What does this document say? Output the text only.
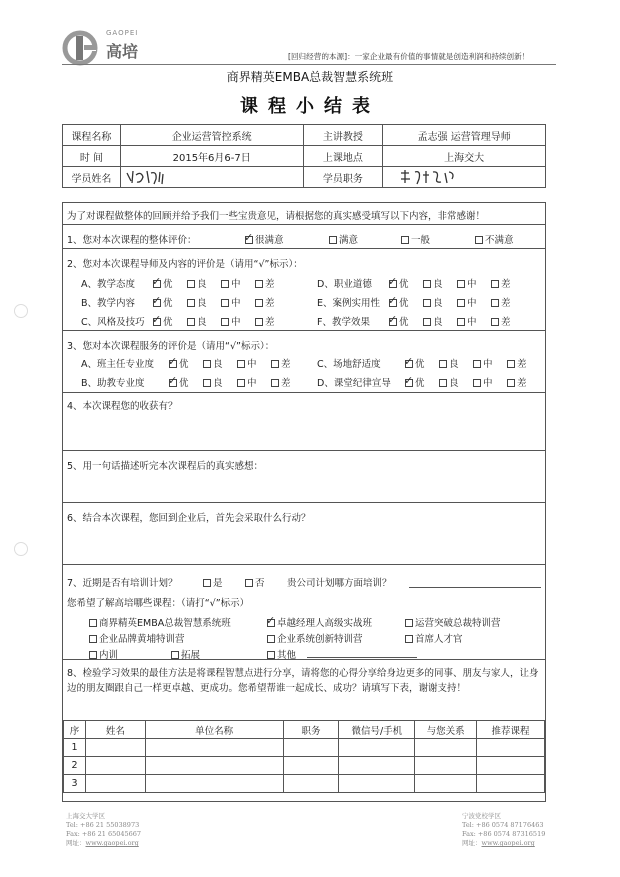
GAOPEI
高培	[回归经营的本源]：一家企业最有价值的事情就是创造利润和持续创新！
商界精英EMBA总裁智慧系统班
课程小结表
课程名称	企业运营管控系统	主讲教授	孟志强 运营管理导师
时 间	2015年6月6-7日	上课地点	上海交大
学员姓名		学员职务	
为了对课程做整体的回顾并给予我们一些宝贵意见，请根据您的真实感受填写以下内容，非常感谢！
1、您对本次课程的整体评价： ✓	很满意	满意	一般	不满意
2、您对本次课程导师及内容的评价是（请用“√”标示）：
A、教学态度 ✓	优	良	中	差
B、教学内容 ✓	优	良	中	差
C、风格及技巧 ✓	优	良	中	差
D、职业道德 ✓	优	良	中	差
E、案例实用性 ✓	优	良	中	差
F、教学效果 ✓	优	良	中	差
3、您对本次课程服务的评价是（请用“√”标示）：
A、班主任专业度 ✓	优	良	中	差
B、助教专业度 ✓	优	良	中	差
C、场地舒适度 ✓	优	良	中	差
D、课堂纪律宣导 ✓	优	良	中	差
4、本次课程您的收获有？
5、用一句话描述听完本次课程后的真实感想：
6、结合本次课程，您回到企业后，首先会采取什么行动？
7、近期是否有培训计划？	是	否 贵公司计划哪方面培训？
您希望了解高培哪些课程：（请打“√”标示）
商界精英EMBA总裁智慧系统班 ✓	卓越经理人高级实战班	运营突破总裁特训营
企业品牌黄埔特训营	企业系统创新特训营	首席人才官
内训	拓展	其他
8、检验学习效果的最佳方法是将课程智慧点进行分享，请将您的心得分享给身边更多的同事、朋友与家人，让身边的朋友圈跟自己一样更卓越、更成功。您希望帮谁一起成长、成功？请填写下表，谢谢支持！
序	姓名	单位名称	职务	微信号/手机	与您关系	推荐课程
1						
2						
3						
上海交大学区
Tel: +86 21 55038973
Fax: +86 21 65045667
网址：www.gaopei.org
宁波党校学区
Tel: +86 0574 87176463
Fax: +86 0574 87316519
网址：www.gaopei.org
